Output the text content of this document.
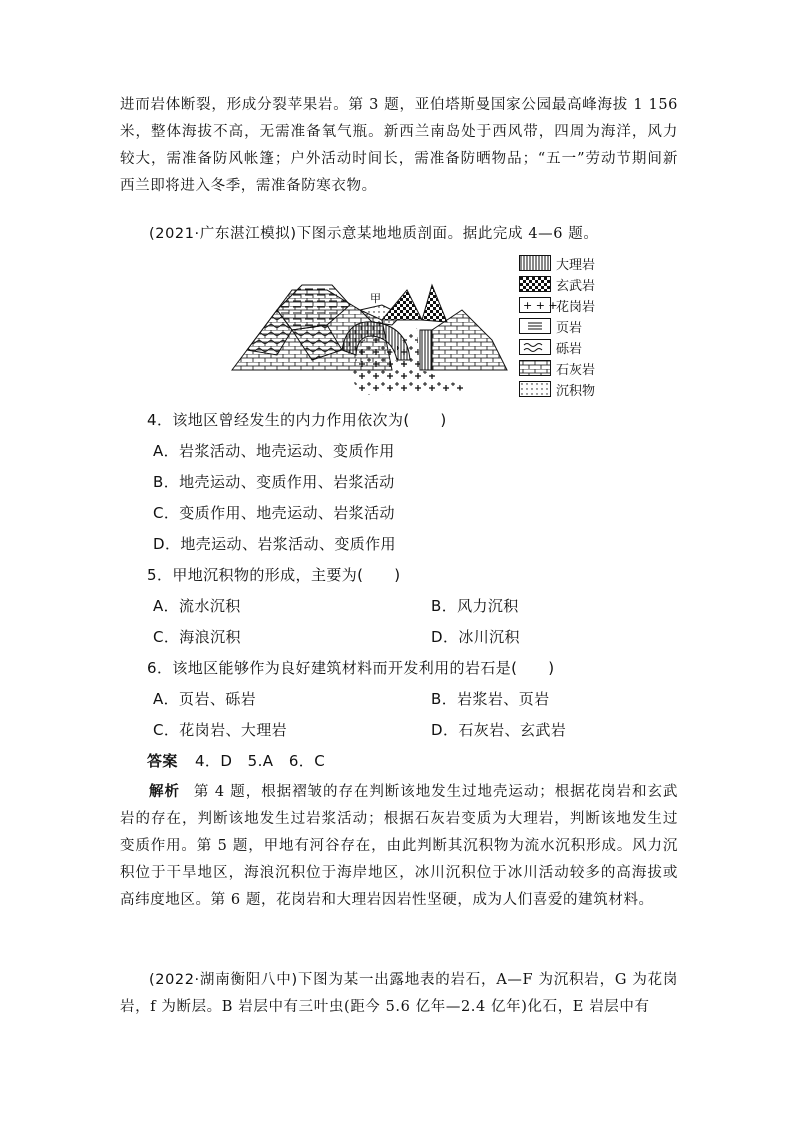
进而岩体断裂，形成分裂苹果岩。第 3 题，亚伯塔斯曼国家公园最高峰海拔 1 156 米，整体海拔不高，无需准备氧气瓶。新西兰南岛处于西风带，四周为海洋，风力较大，需准备防风帐篷；户外活动时间长，需准备防晒物品；“五一”劳动节期间新西兰即将进入冬季，需准备防寒衣物。
(2021·广东湛江模拟)下图示意某地地质剖面。据此完成 4—6 题。
甲
大理岩
玄武岩
+ + +
花岗岩
页岩
砾岩
石灰岩
沉积物
4．该地区曾经发生的内力作用依次为(　　)
A．岩浆活动、地壳运动、变质作用
B．地壳运动、变质作用、岩浆活动
C．变质作用、地壳运动、岩浆活动
D．地壳运动、岩浆活动、变质作用
5．甲地沉积物的形成，主要为(　　)
A．流水沉积	B．风力沉积
C．海浪沉积	D．冰川沉积
6．该地区能够作为良好建筑材料而开发利用的岩石是(　　)
A．页岩、砾岩	B．岩浆岩、页岩
C．花岗岩、大理岩	D．石灰岩、玄武岩
答案 4．D　5.A　6．C
解析 第 4 题，根据褶皱的存在判断该地发生过地壳运动；根据花岗岩和玄武岩的存在，判断该地发生过岩浆活动；根据石灰岩变质为大理岩，判断该地发生过变质作用。第 5 题，甲地有河谷存在，由此判断其沉积物为流水沉积形成。风力沉积位于干旱地区，海浪沉积位于海岸地区，冰川沉积位于冰川活动较多的高海拔或高纬度地区。第 6 题，花岗岩和大理岩因岩性坚硬，成为人们喜爱的建筑材料。
(2022·湖南衡阳八中)下图为某一出露地表的岩石，A—F 为沉积岩，G 为花岗岩，f 为断层。B 岩层中有三叶虫(距今 5.6 亿年—2.4 亿年)化石，E 岩层中有
